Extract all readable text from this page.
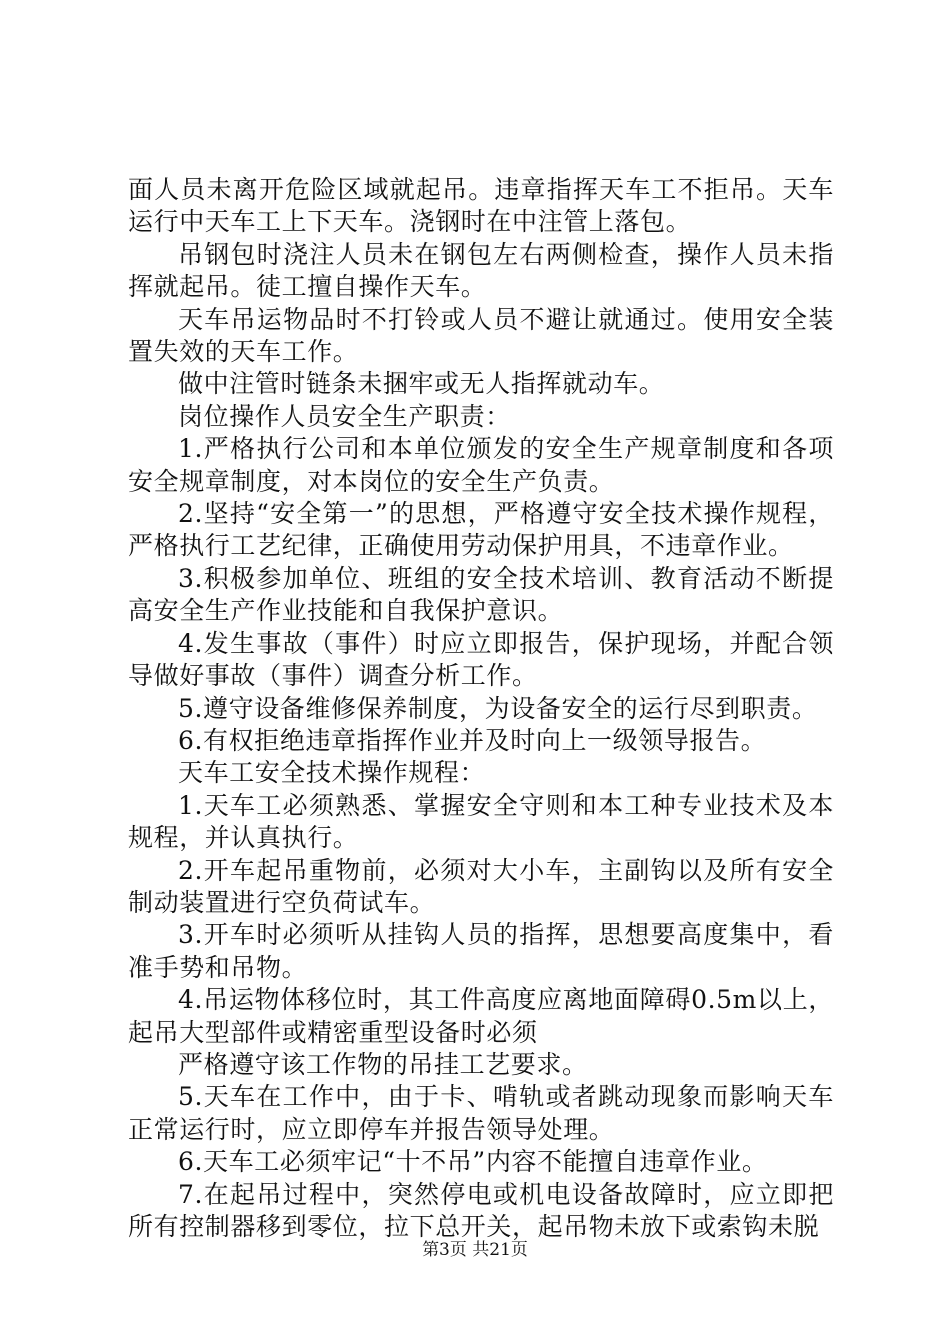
面人员未离开危险区域就起吊。违章指挥天车工不拒吊。天车运行中天车工上下天车。浇钢时在中注管上落包。

吊钢包时浇注人员未在钢包左右两侧检查，操作人员未指挥就起吊。徒工擅自操作天车。

天车吊运物品时不打铃或人员不避让就通过。使用安全装置失效的天车工作。

做中注管时链条未捆牢或无人指挥就动车。

岗位操作人员安全生产职责：

1.严格执行公司和本单位颁发的安全生产规章制度和各项安全规章制度，对本岗位的安全生产负责。

2.坚持“安全第一”的思想，严格遵守安全技术操作规程，严格执行工艺纪律，正确使用劳动保护用具，不违章作业。

3.积极参加单位、班组的安全技术培训、教育活动不断提高安全生产作业技能和自我保护意识。

4.发生事故（事件）时应立即报告，保护现场，并配合领导做好事故（事件）调查分析工作。

5.遵守设备维修保养制度，为设备安全的运行尽到职责。

6.有权拒绝违章指挥作业并及时向上一级领导报告。

天车工安全技术操作规程：

1.天车工必须熟悉、掌握安全守则和本工种专业技术及本规程，并认真执行。

2.开车起吊重物前，必须对大小车，主副钩以及所有安全制动装置进行空负荷试车。

3.开车时必须听从挂钩人员的指挥，思想要高度集中，看准手势和吊物。

4.吊运物体移位时，其工件高度应离地面障碍0.5m以上，起吊大型部件或精密重型设备时必须

严格遵守该工作物的吊挂工艺要求。

5.天车在工作中，由于卡、啃轨或者跳动现象而影响天车正常运行时，应立即停车并报告领导处理。

6.天车工必须牢记“十不吊”内容不能擅自违章作业。

7.在起吊过程中，突然停电或机电设备故障时，应立即把所有控制器移到零位，拉下总开关，起吊物未放下或索钩未脱

第3页 共21页
